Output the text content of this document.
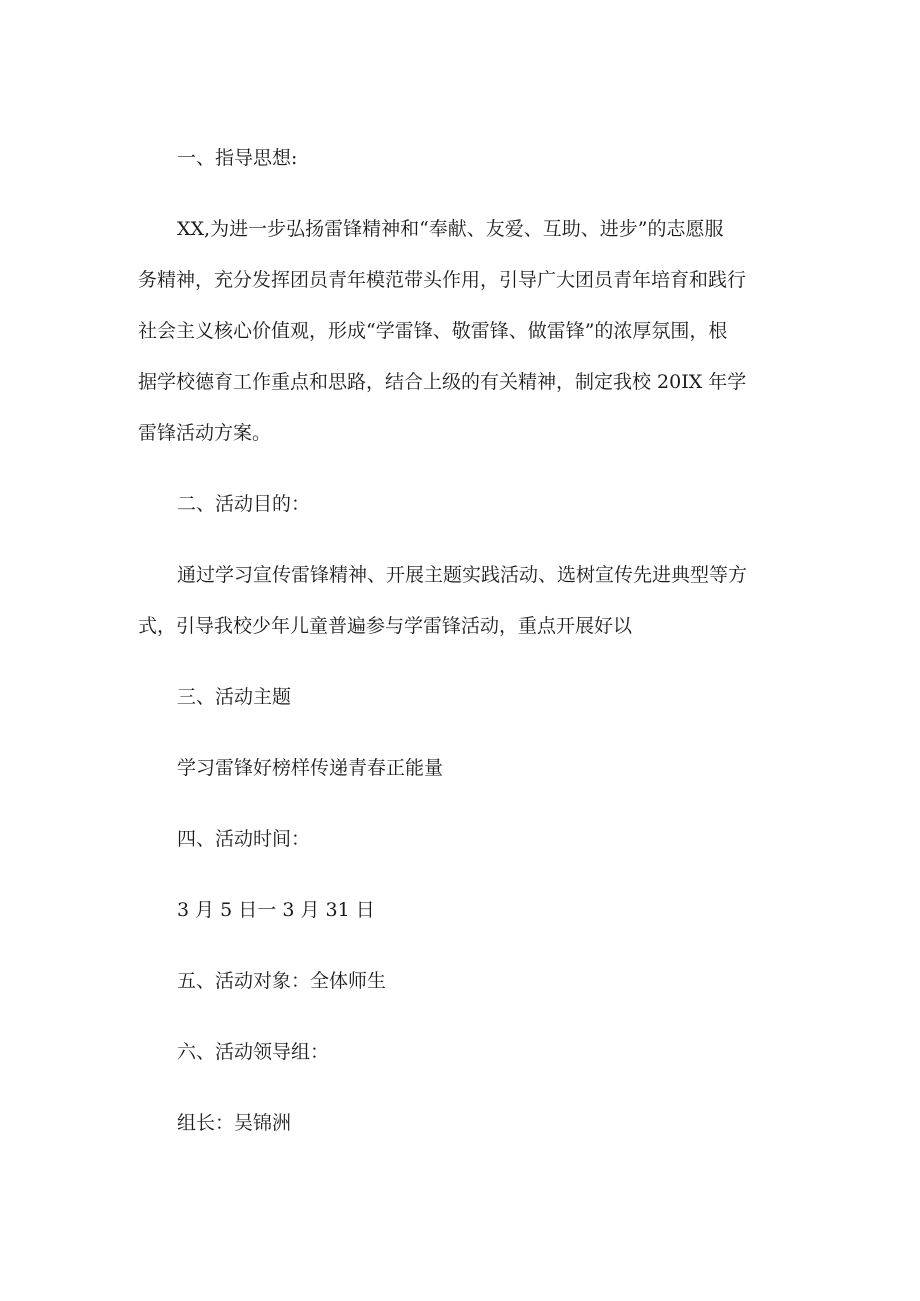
一、指导思想:
XX,为进一步弘扬雷锋精神和“奉献、友爱、互助、进步”的志愿服
务精神，充分发挥团员青年模范带头作用，引导广大团员青年培育和践行
社会主义核心价值观，形成“学雷锋、敬雷锋、做雷锋”的浓厚氛围，根
据学校德育工作重点和思路，结合上级的有关精神，制定我校 20IX 年学
雷锋活动方案。
二、活动目的：
通过学习宣传雷锋精神、开展主题实践活动、选树宣传先进典型等方
式，引导我校少年儿童普遍参与学雷锋活动，重点开展好以
三、活动主题
学习雷锋好榜样传递青春正能量
四、活动时间：
3 月 5 日一 3 月 31 日
五、活动对象：全体师生
六、活动领导组：
组长：吴锦洲
